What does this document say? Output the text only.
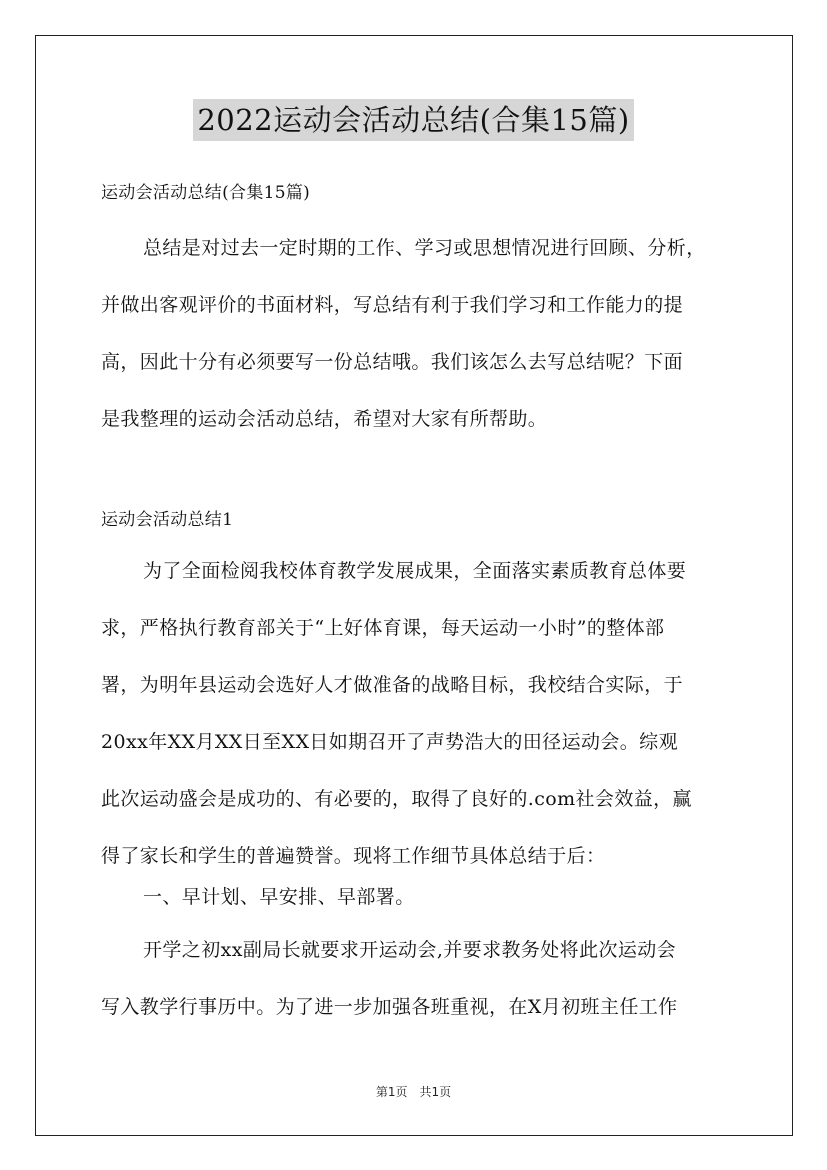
2022运动会活动总结(合集15篇)
运动会活动总结(合集15篇)
总结是对过去一定时期的工作、学习或思想情况进行回顾、分析，
并做出客观评价的书面材料，写总结有利于我们学习和工作能力的提
高，因此十分有必须要写一份总结哦。我们该怎么去写总结呢？下面
是我整理的运动会活动总结，希望对大家有所帮助。
运动会活动总结1
为了全面检阅我校体育教学发展成果，全面落实素质教育总体要
求，严格执行教育部关于“上好体育课，每天运动一小时”的整体部
署，为明年县运动会选好人才做准备的战略目标，我校结合实际，于
20xx年XX月XX日至XX日如期召开了声势浩大的田径运动会。综观
此次运动盛会是成功的、有必要的，取得了良好的.com社会效益，赢
得了家长和学生的普遍赞誉。现将工作细节具体总结于后：
一、早计划、早安排、早部署。
开学之初xx副局长就要求开运动会,并要求教务处将此次运动会
写入教学行事历中。为了进一步加强各班重视，在X月初班主任工作
第1页 共1页
